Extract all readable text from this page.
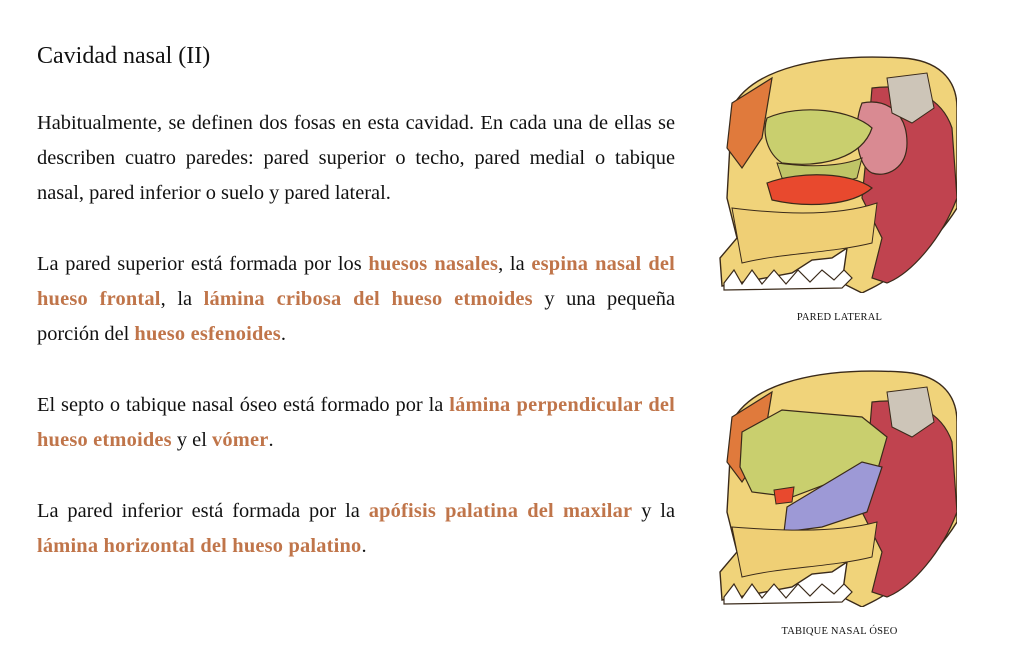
Cavidad nasal (II)

Habitualmente, se definen dos fosas en esta cavidad. En cada una de ellas se describen cuatro paredes: pared superior o techo, pared medial o tabique nasal, pared inferior o suelo y pared lateral.

La pared superior está formada por los huesos nasales, la espina nasal del hueso frontal, la lámina cribosa del hueso etmoides y una pequeña porción del hueso esfenoides.

El septo o tabique nasal óseo está formado por la lámina perpendicular del hueso etmoides y el vómer.

La pared inferior está formada por la apófisis palatina del maxilar y la lámina horizontal del hueso palatino.

PARED LATERAL
TABIQUE NASAL ÓSEO
